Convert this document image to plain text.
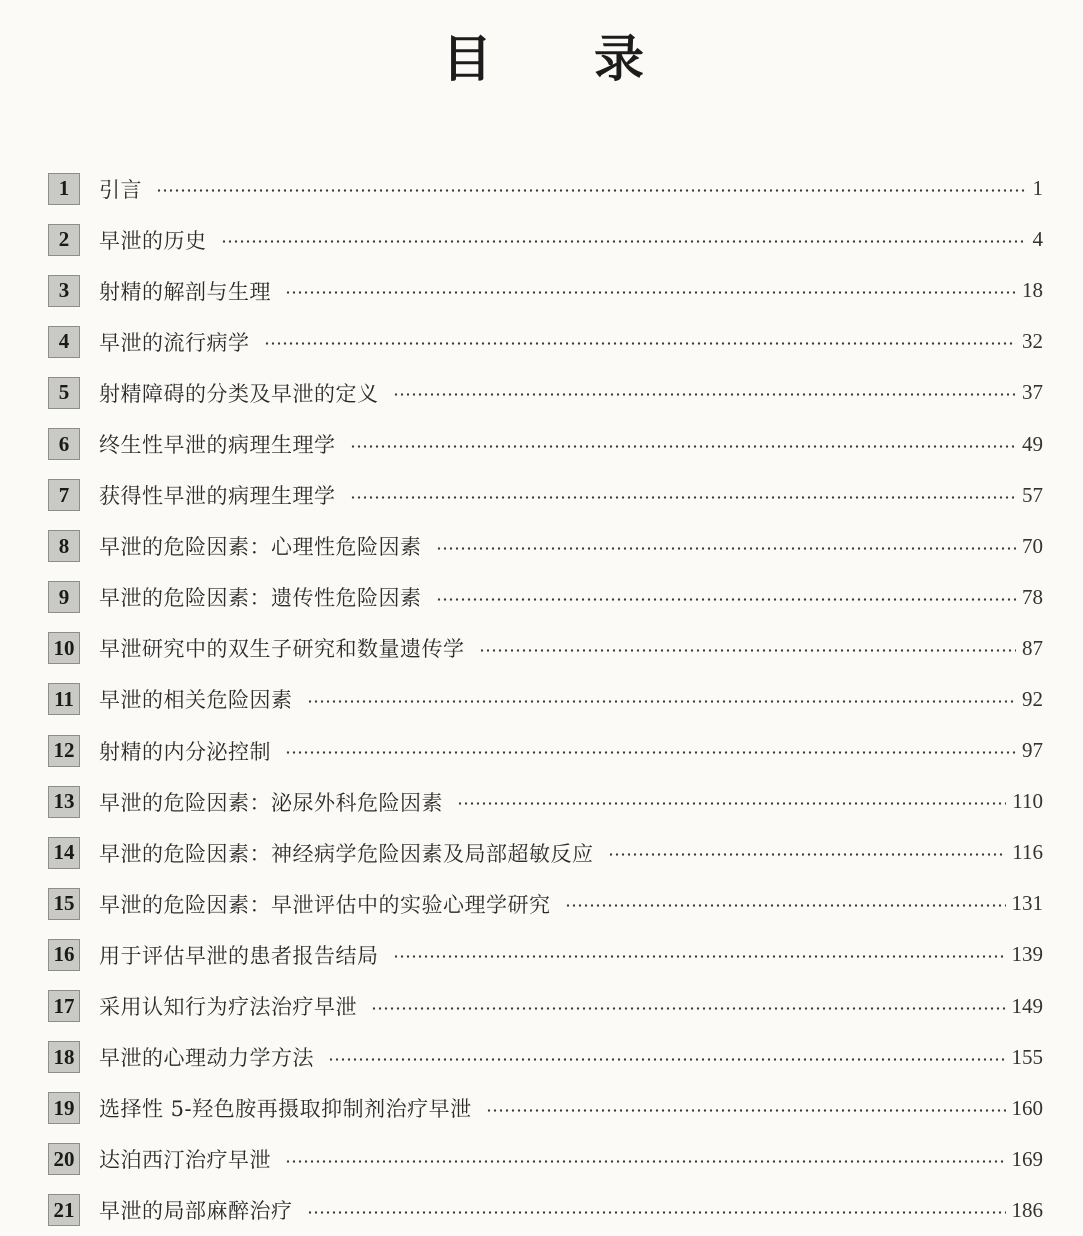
目 录
1	引言	1
2	早泄的历史	4
3	射精的解剖与生理	18
4	早泄的流行病学	32
5	射精障碍的分类及早泄的定义	37
6	终生性早泄的病理生理学	49
7	获得性早泄的病理生理学	57
8	早泄的危险因素：心理性危险因素	70
9	早泄的危险因素：遗传性危险因素	78
10 早泄研究中的双生子研究和数量遗传学	87
11 早泄的相关危险因素	92
12 射精的内分泌控制	97
13 早泄的危险因素：泌尿外科危险因素	110
14 早泄的危险因素：神经病学危险因素及局部超敏反应	116
15 早泄的危险因素：早泄评估中的实验心理学研究	131
16 用于评估早泄的患者报告结局	139
17 采用认知行为疗法治疗早泄	149
18 早泄的心理动力学方法	155
19 选择性 5-羟色胺再摄取抑制剂治疗早泄	160
20 达泊西汀治疗早泄	169
21 早泄的局部麻醉治疗	186
